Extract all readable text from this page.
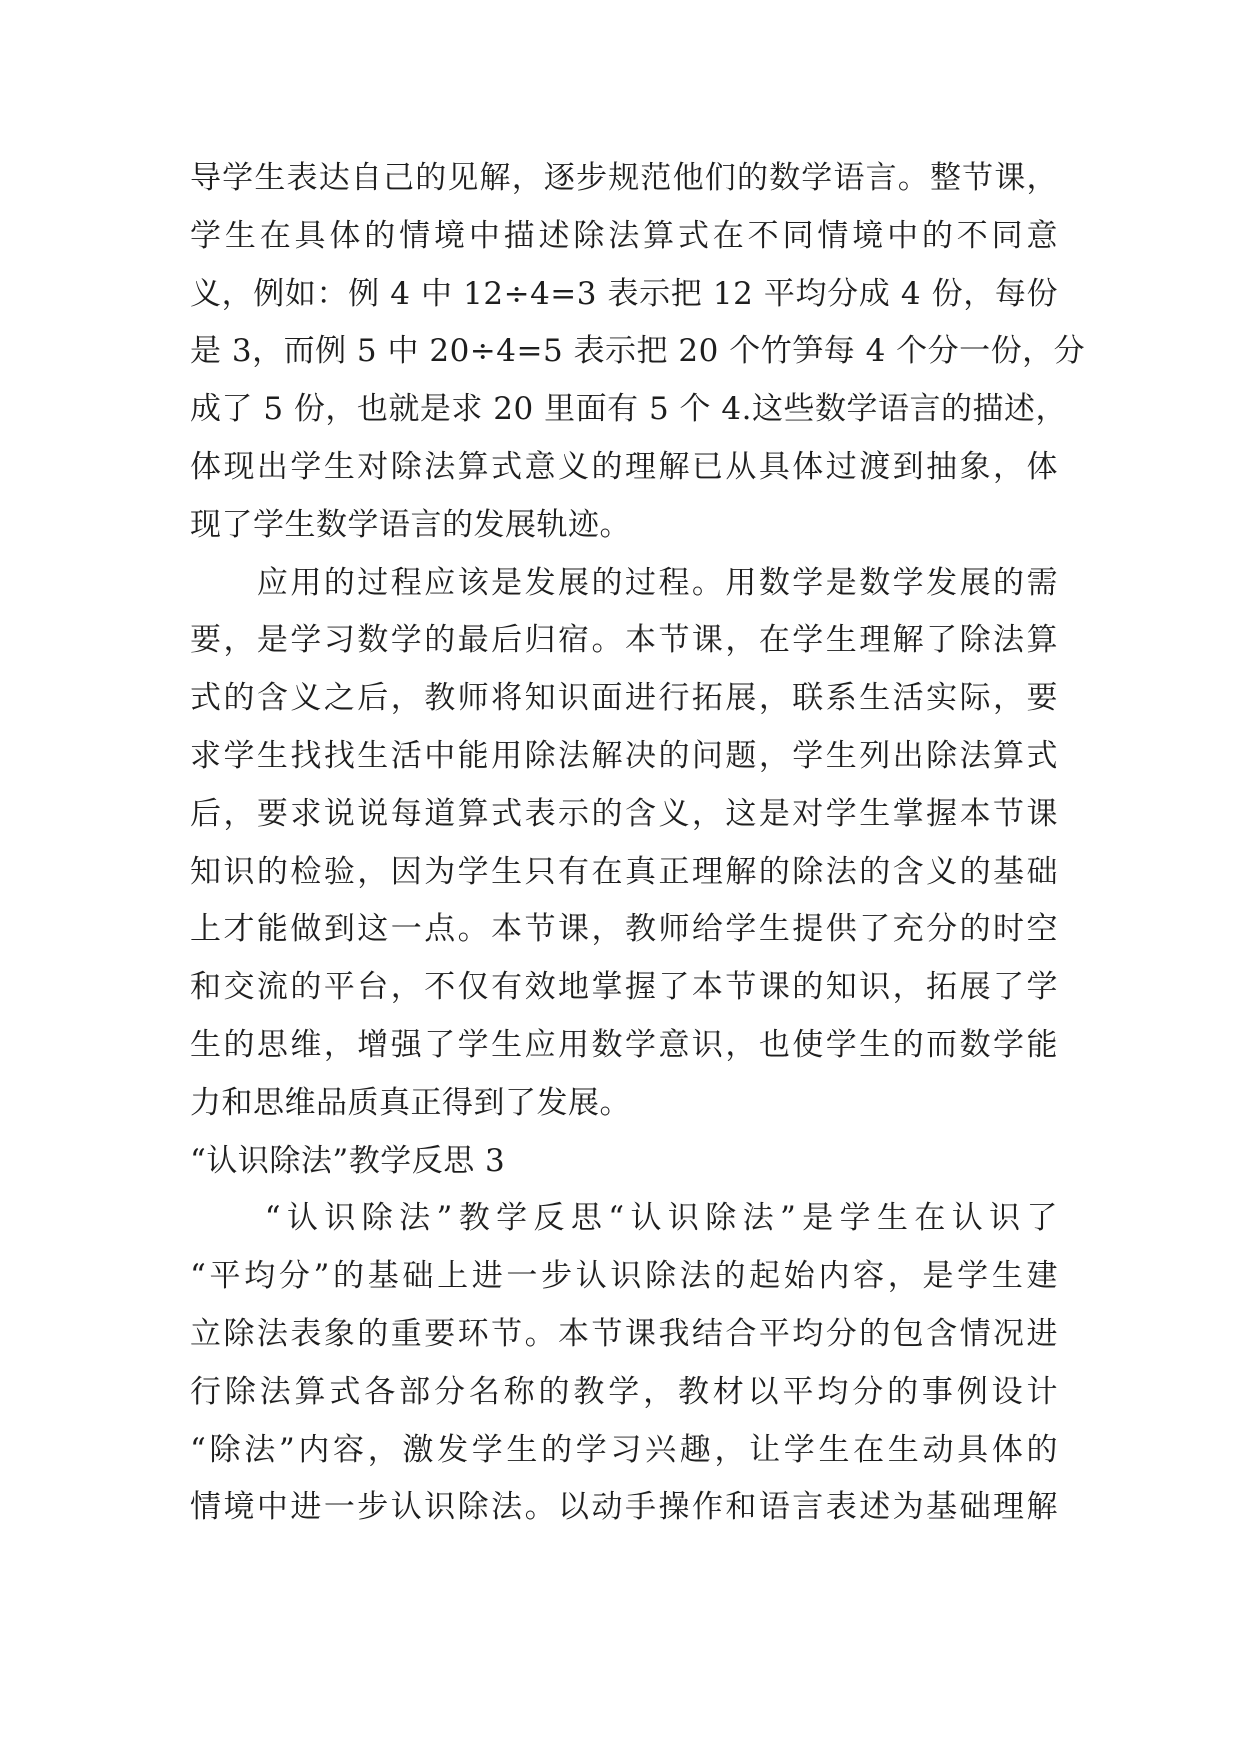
导学生表达自己的见解，逐步规范他们的数学语言。整节课，
学生在具体的情境中描述除法算式在不同情境中的不同意
义，例如：例 4 中 12÷4=3 表示把 12 平均分成 4 份，每份
是 3，而例 5 中 20÷4=5 表示把 20 个竹笋每 4 个分一份，分
成了 5 份，也就是求 20 里面有 5 个 4.这些数学语言的描述，
体现出学生对除法算式意义的理解已从具体过渡到抽象，体
现了学生数学语言的发展轨迹。
　　应用的过程应该是发展的过程。用数学是数学发展的需
要，是学习数学的最后归宿。本节课，在学生理解了除法算
式的含义之后，教师将知识面进行拓展，联系生活实际，要
求学生找找生活中能用除法解决的问题，学生列出除法算式
后，要求说说每道算式表示的含义，这是对学生掌握本节课
知识的检验，因为学生只有在真正理解的除法的含义的基础
上才能做到这一点。本节课，教师给学生提供了充分的时空
和交流的平台，不仅有效地掌握了本节课的知识，拓展了学
生的思维，增强了学生应用数学意识，也使学生的而数学能
力和思维品质真正得到了发展。
“认识除法”教学反思 3
　　“认识除法”教学反思“认识除法”是学生在认识了
“平均分”的基础上进一步认识除法的起始内容，是学生建
立除法表象的重要环节。本节课我结合平均分的包含情况进
行除法算式各部分名称的教学，教材以平均分的事例设计
“除法”内容，激发学生的学习兴趣，让学生在生动具体的
情境中进一步认识除法。以动手操作和语言表述为基础理解
